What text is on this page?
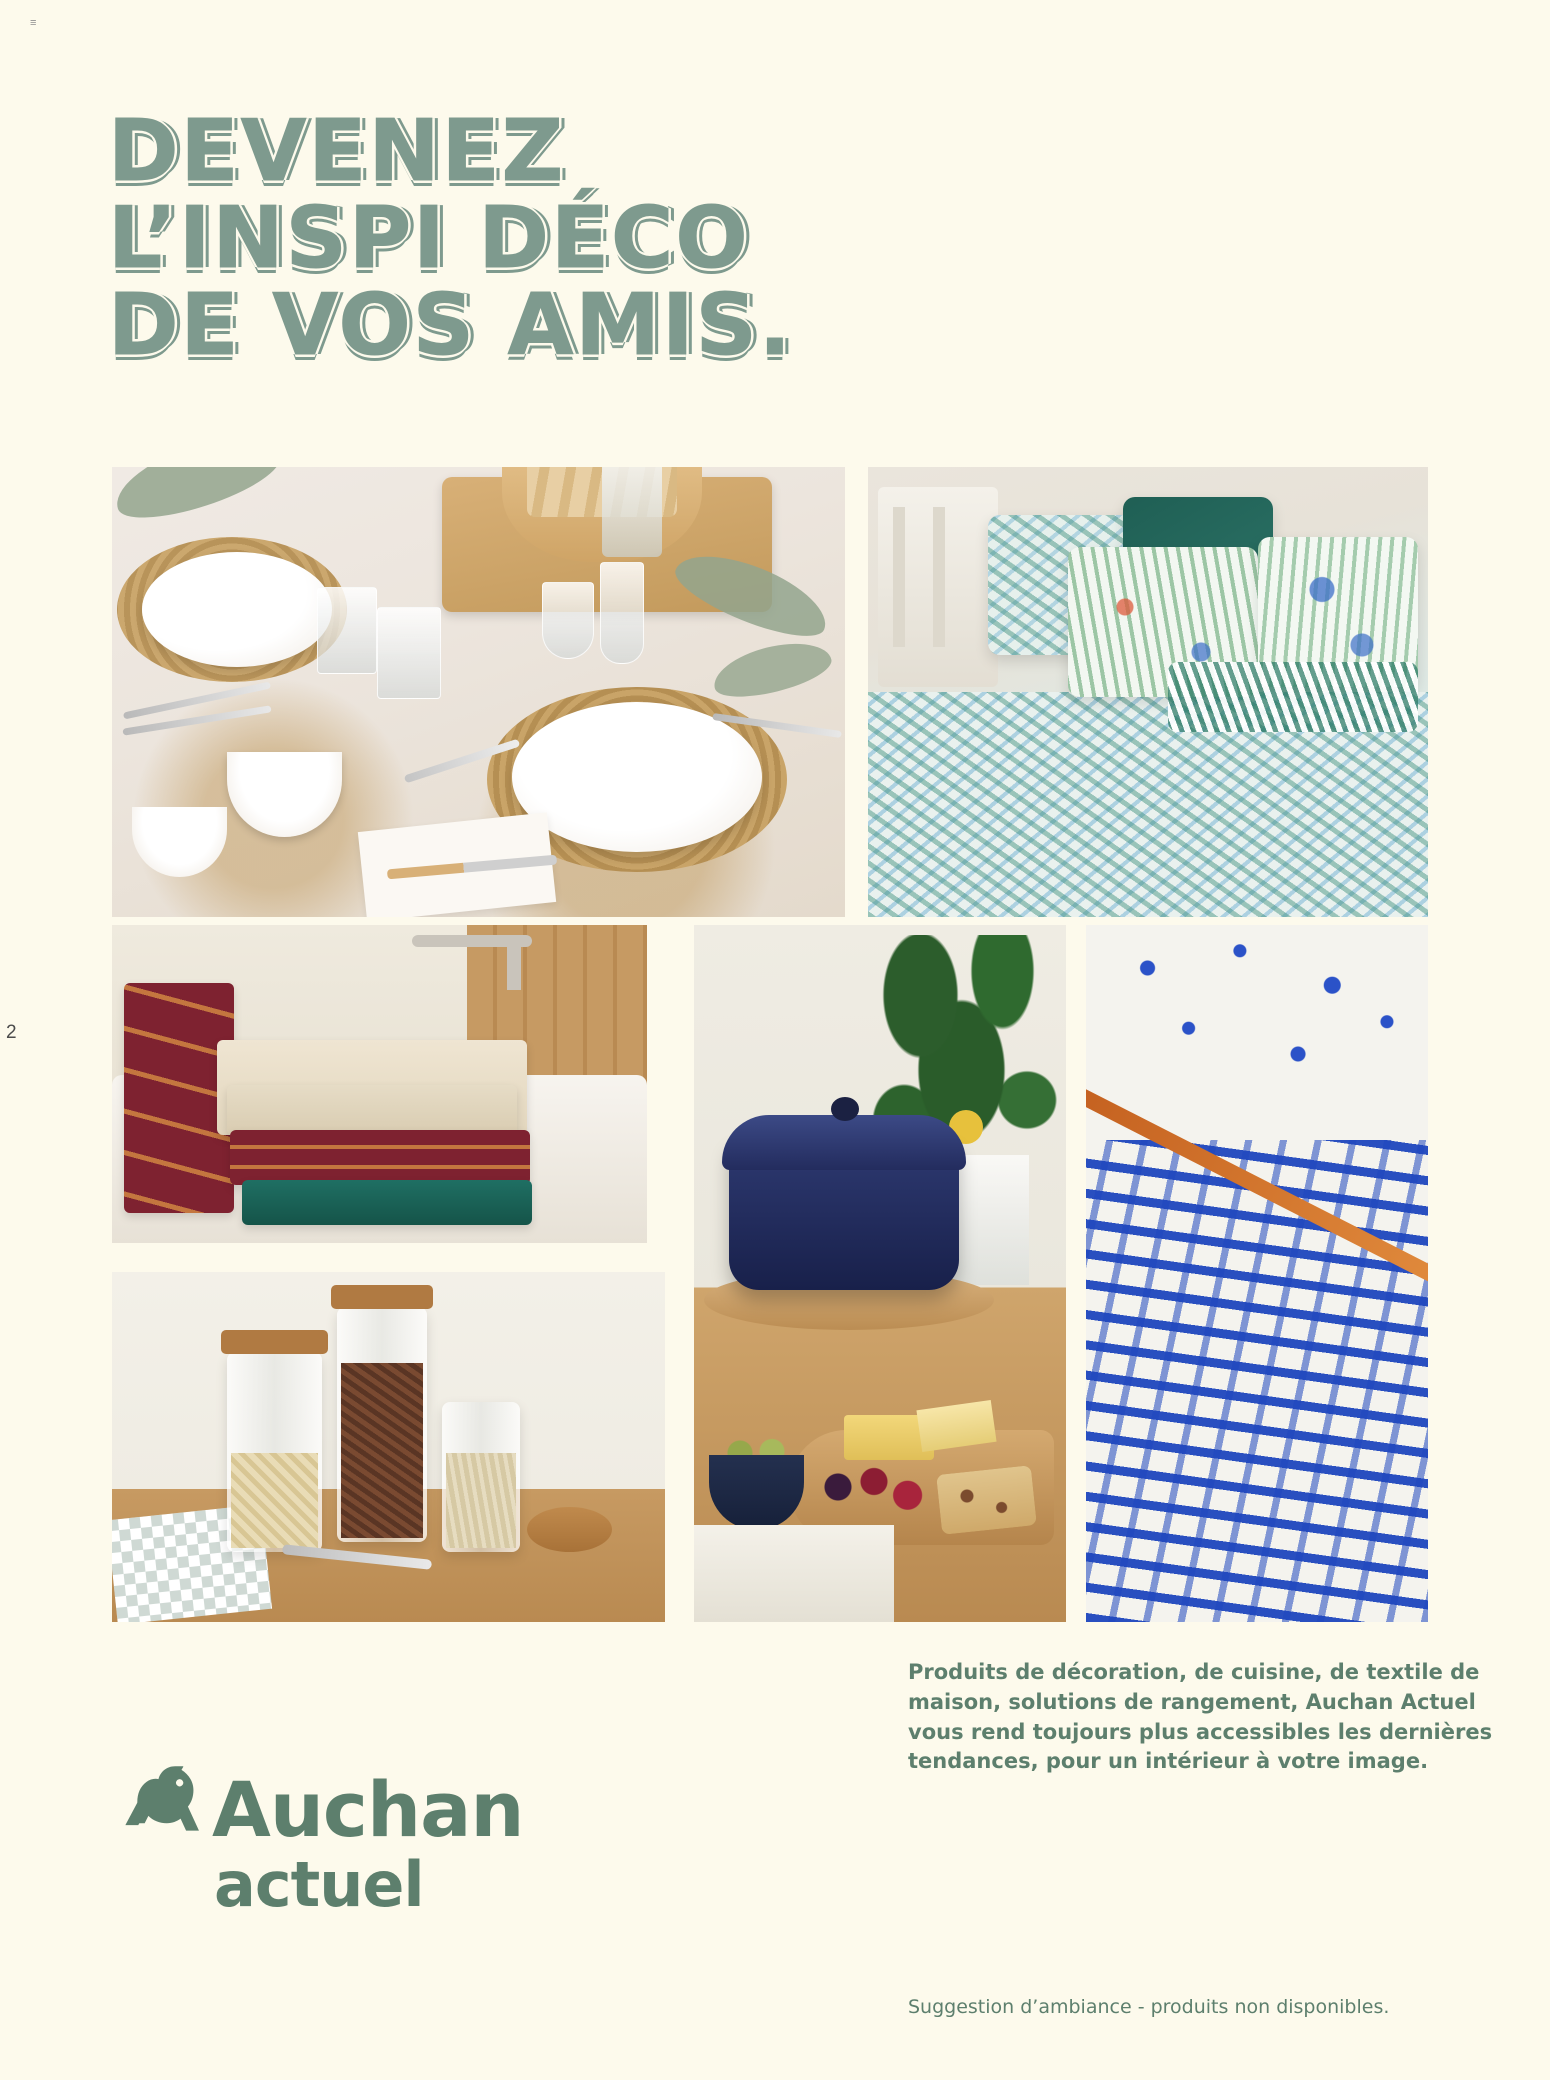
≡
2
DEVENEZ
L’INSPI DÉCO
DE VOS AMIS.
Auchan
actuel
Produits de décoration, de cuisine, de textile de maison, solutions de rangement, Auchan Actuel vous rend toujours plus accessibles les dernières tendances, pour un intérieur à votre image.
Suggestion d’ambiance - produits non disponibles.
